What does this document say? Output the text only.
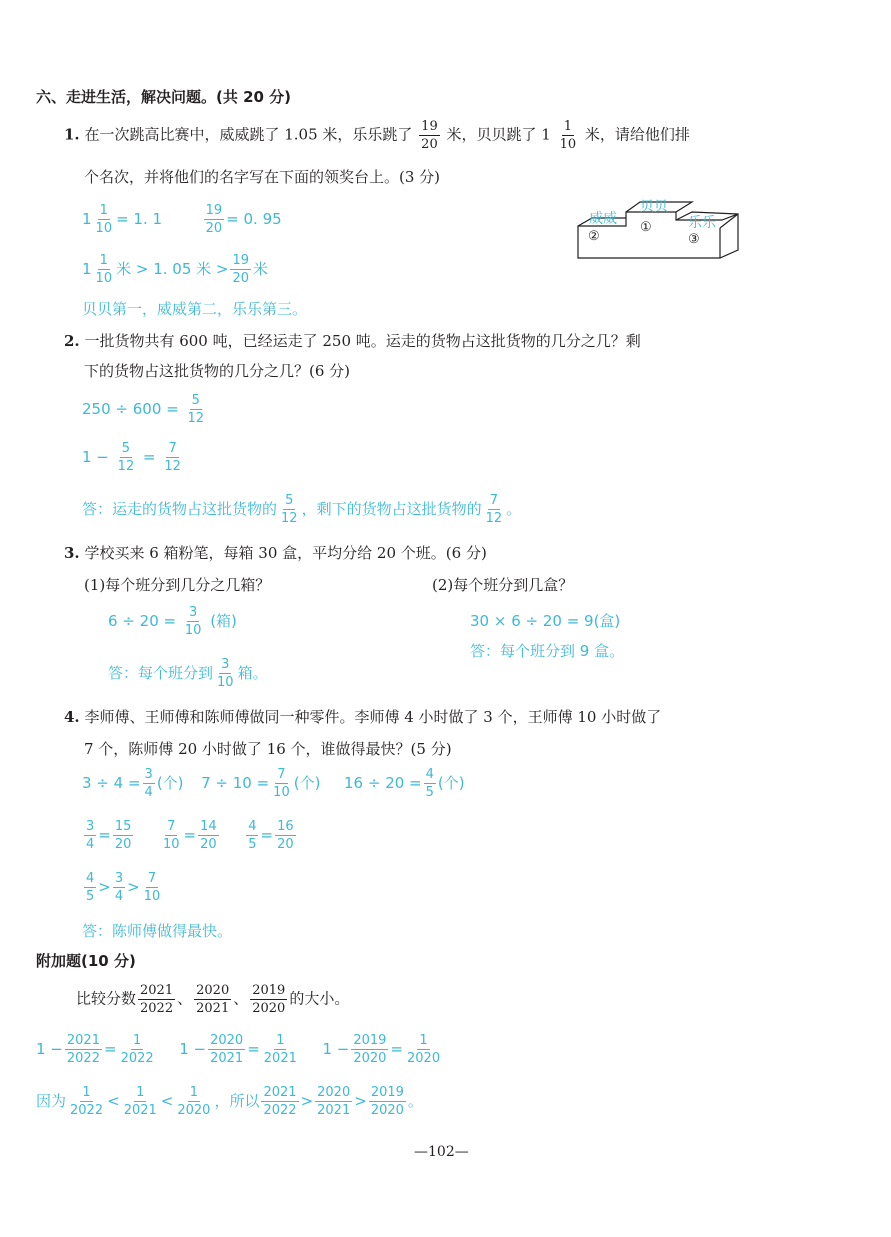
六、走进生活，解决问题。(共 20 分)
1. 在一次跳高比赛中，威威跳了 1.05 米，乐乐跳了 $\frac{19}{20}$ 米，贝贝跳了 $1 \frac{1}{10}$ 米，请给他们排
个名次，并将他们的名字写在下面的领奖台上。(3 分)
$1 \frac{1}{10} = 1$. 1	$\frac{19}{20} = 0$. 95
$1 \frac{1}{10}$ 米 > 1. 05 米 > $\frac{19}{20}$ 米
贝贝第一，威威第二，乐乐第三。
威威
贝贝
乐乐
②
①
③
2. 一批货物共有 600 吨，已经运走了 250 吨。运走的货物占这批货物的几分之几？剩
下的货物占这批货物的几分之几？(6 分)
$250 \div 600 = \frac{5}{12}$
$1 - \frac{5}{12} = \frac{7}{12}$
答：运走的货物占这批货物的 $\frac{5}{12}$ ，剩下的货物占这批货物的 $\frac{7}{12}$ 。
3. 学校买来 6 箱粉笔，每箱 30 盒，平均分给 20 个班。(6 分)
(1)每个班分到几分之几箱？	(2)每个班分到几盒？
$6 \div 20 = \frac{3}{10}$ (箱)
答：每个班分到 $\frac{3}{10}$ 箱。
30 × 6 ÷ 20 = 9(盒)
答：每个班分到 9 盒。
4. 李师傅、王师傅和陈师傅做同一种零件。李师傅 4 小时做了 3 个，王师傅 10 小时做了
7 个，陈师傅 20 小时做了 16 个，谁做得最快？(5 分)
$3 \div 4 = \frac{3}{4}$ (个) $7 \div 10 = \frac{7}{10}$ (个) $16 \div 20 = \frac{4}{5}$ (个)
$\frac{3}{4} = \frac{15}{20}$
$\frac{7}{10} = \frac{14}{20}$
$\frac{4}{5} = \frac{16}{20}$
$\frac{4}{5} > \frac{3}{4} > \frac{7}{10}$
答：陈师傅做得最快。
附加题(10 分)
比较分数 $\frac{2021}{2022}$ 、 $\frac{2020}{2021}$ 、 $\frac{2019}{2020}$ 的大小。
$1 - \frac{2021}{2022} = \frac{1}{2022} 1 - \frac{2020}{2021} = \frac{1}{2021} 1 - \frac{2019}{2020} = \frac{1}{2020}$
因为 $\frac{1}{2022} < \frac{1}{2021} < \frac{1}{2020}$ ，所以 $\frac{2021}{2022} > \frac{2020}{2021} > \frac{2019}{2020}$ 。
—102—
